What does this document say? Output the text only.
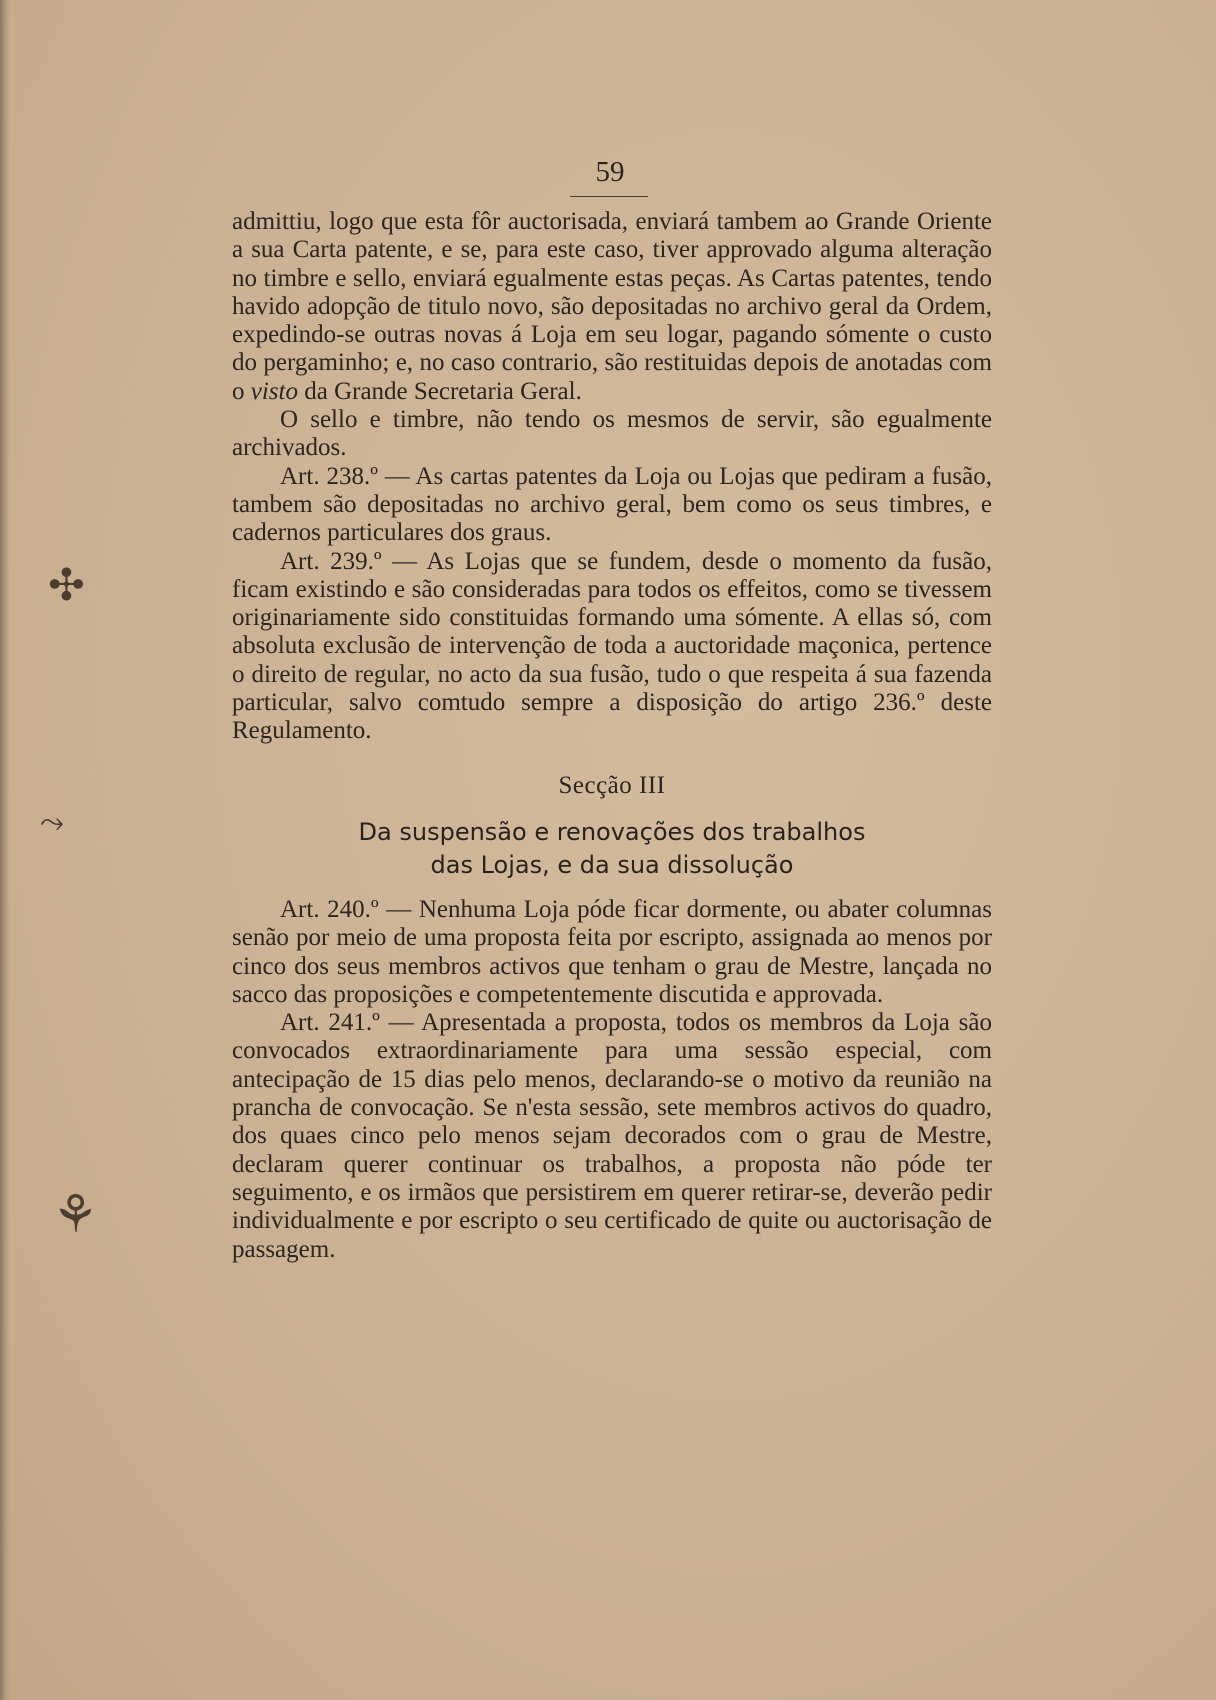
✣
⤳
⚘
59

admittiu, logo que esta fôr auctorisada, enviará tambem ao Grande Oriente a sua Carta patente, e se, para este caso, tiver approvado alguma alteração no timbre e sello, enviará egualmente estas peças. As Cartas patentes, tendo havido adopção de titulo novo, são depositadas no archivo geral da Ordem, expedindo-se outras novas á Loja em seu logar, pagando sómente o custo do pergaminho; e, no caso contrario, são restituidas depois de anotadas com o visto da Grande Secretaria Geral.

O sello e timbre, não tendo os mesmos de servir, são egualmente archivados.

Art. 238.º — As cartas patentes da Loja ou Lojas que pediram a fusão, tambem são depositadas no archivo geral, bem como os seus timbres, e cadernos particulares dos graus.

Art. 239.º — As Lojas que se fundem, desde o momento da fusão, ficam existindo e são consideradas para todos os effeitos, como se tivessem originariamente sido constituidas formando uma sómente. A ellas só, com absoluta exclusão de intervenção de toda a auctoridade maçonica, pertence o direito de regular, no acto da sua fusão, tudo o que respeita á sua fazenda particular, salvo comtudo sempre a disposição do artigo 236.º deste Regulamento.

Secção III

Da suspensão e renovações dos trabalhos
das Lojas, e da sua dissolução

Art. 240.º — Nenhuma Loja póde ficar dormente, ou abater columnas senão por meio de uma proposta feita por escripto, assignada ao menos por cinco dos seus membros activos que tenham o grau de Mestre, lançada no sacco das proposições e competentemente discutida e approvada.

Art. 241.º — Apresentada a proposta, todos os membros da Loja são convocados extraordinariamente para uma sessão especial, com antecipação de 15 dias pelo menos, declarando-se o motivo da reunião na prancha de convocação. Se n'esta sessão, sete membros activos do quadro, dos quaes cinco pelo menos sejam decorados com o grau de Mestre, declaram querer continuar os trabalhos, a proposta não póde ter seguimento, e os irmãos que persistirem em querer retirar-se, deverão pedir individualmente e por escripto o seu certificado de quite ou auctorisação de passagem.
